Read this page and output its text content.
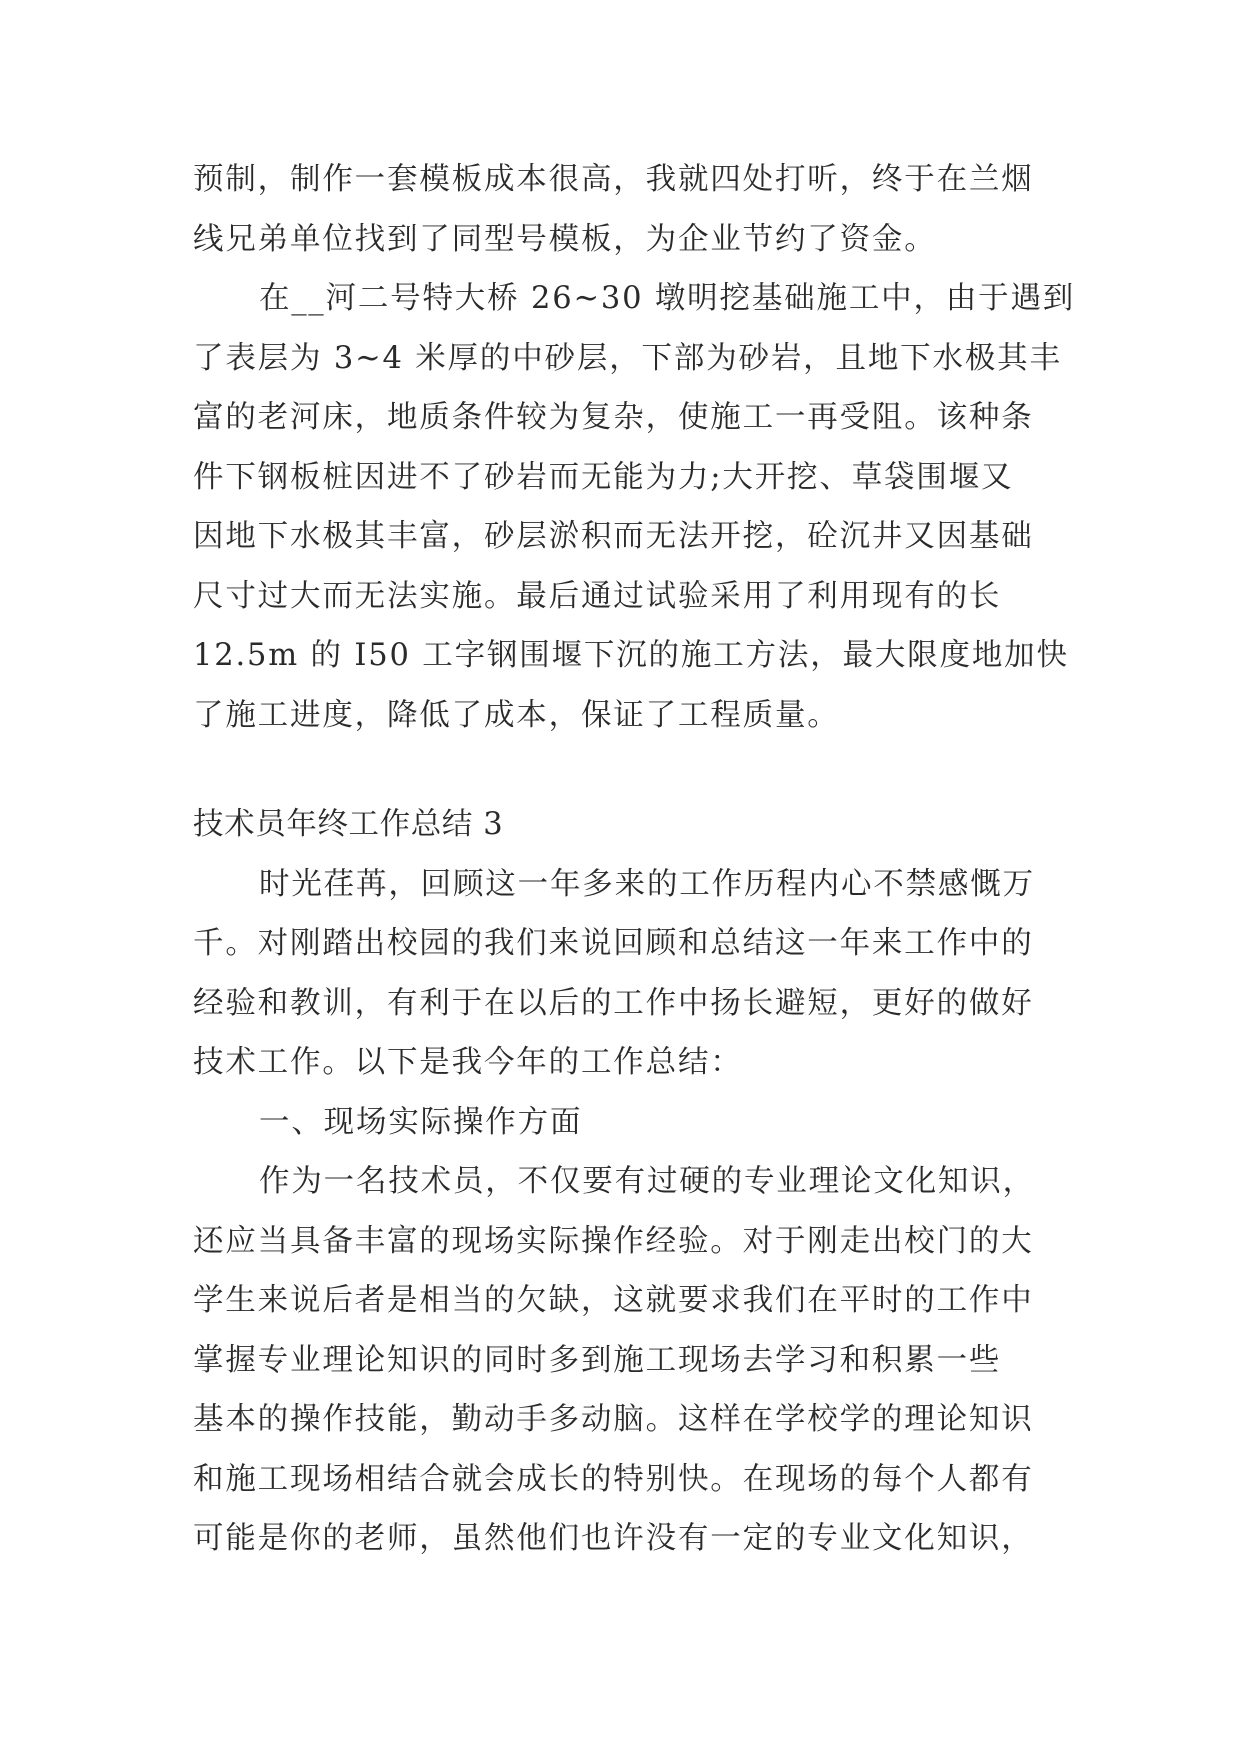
预制，制作一套模板成本很高，我就四处打听，终于在兰烟
线兄弟单位找到了同型号模板，为企业节约了资金。
在__河二号特大桥 26~30 墩明挖基础施工中，由于遇到
了表层为 3~4 米厚的中砂层，下部为砂岩，且地下水极其丰
富的老河床，地质条件较为复杂，使施工一再受阻。该种条
件下钢板桩因进不了砂岩而无能为力;大开挖、草袋围堰又
因地下水极其丰富，砂层淤积而无法开挖，砼沉井又因基础
尺寸过大而无法实施。最后通过试验采用了利用现有的长
12.5m 的 I50 工字钢围堰下沉的施工方法，最大限度地加快
了施工进度，降低了成本，保证了工程质量。
技术员年终工作总结 3
时光荏苒，回顾这一年多来的工作历程内心不禁感慨万
千。对刚踏出校园的我们来说回顾和总结这一年来工作中的
经验和教训，有利于在以后的工作中扬长避短，更好的做好
技术工作。以下是我今年的工作总结：
一、现场实际操作方面
作为一名技术员，不仅要有过硬的专业理论文化知识，
还应当具备丰富的现场实际操作经验。对于刚走出校门的大
学生来说后者是相当的欠缺，这就要求我们在平时的工作中
掌握专业理论知识的同时多到施工现场去学习和积累一些
基本的操作技能，勤动手多动脑。这样在学校学的理论知识
和施工现场相结合就会成长的特别快。在现场的每个人都有
可能是你的老师，虽然他们也许没有一定的专业文化知识，
